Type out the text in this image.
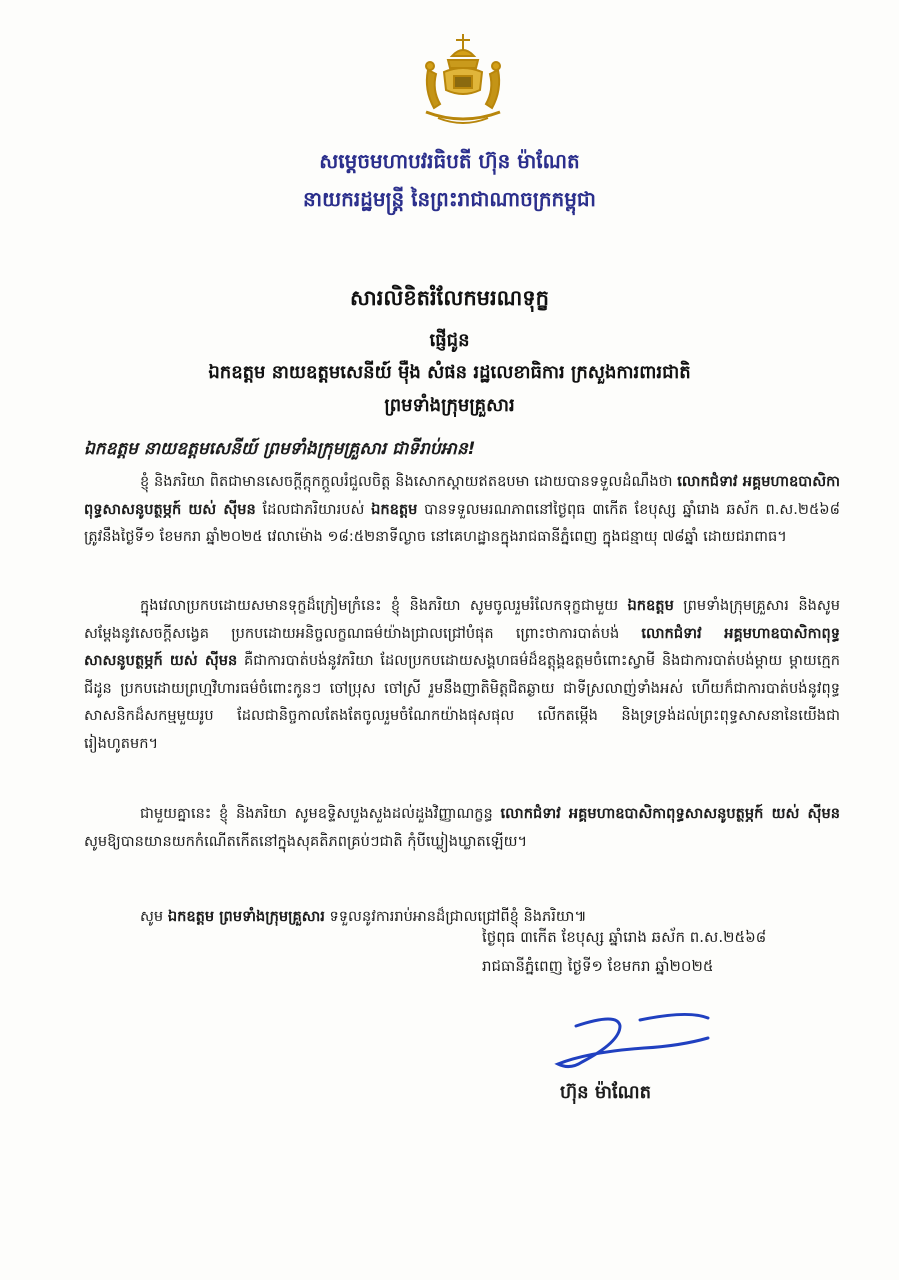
សម្តេចមហាបវរធិបតី ហ៊ុន ម៉ាណែត
នាយករដ្ឋមន្ត្រី នៃព្រះរាជាណាចក្រកម្ពុជា
សារលិខិតរំលែកមរណទុក្ខ
ផ្ញើជូន
ឯកឧត្តម នាយឧត្តមសេនីយ៍ ម៉ឺង សំផន រដ្ឋលេខាធិការ ក្រសួងការពារជាតិ
ព្រមទាំងក្រុមគ្រួសារ
ឯកឧត្តម នាយឧត្តមសេនីយ៍ ព្រមទាំងក្រុមគ្រួសារ ជាទីរាប់អាន!

ខ្ញុំ និងភរិយា ពិតជាមានសេចក្តីក្តុកក្តួលរំជួលចិត្ត និងសោកស្តាយឥតឧបមា ដោយបានទទួលដំណឹងថា លោកជំទាវ អគ្គមហាឧបាសិកាពុទ្ធសាសនូបត្ថម្ភក៍ យស់ ស៊ីមន ដែលជាភរិយារបស់ ឯកឧត្តម បានទទួលមរណភាពនៅថ្ងៃពុធ ៣កើត ខែបុស្ស ឆ្នាំរោង ឆស័ក ព.ស.២៥៦៨ ត្រូវនឹងថ្ងៃទី១ ខែមករា ឆ្នាំ២០២៥ វេលាម៉ោង ១៨:៥២នាទីល្ងាច នៅគេហដ្ឋានក្នុងរាជធានីភ្នំពេញ ក្នុងជន្មាយុ ៧៨ឆ្នាំ ដោយជរាពាធ។

ក្នុងវេលាប្រកបដោយសមានទុក្ខដ៏ក្រៀមក្រំនេះ ខ្ញុំ និងភរិយា សូមចូលរួមរំលែកទុក្ខជាមួយ ឯកឧត្តម ព្រមទាំងក្រុមគ្រួសារ និងសូមសម្តែងនូវសេចក្តីសង្វេគ ប្រកបដោយអនិច្ចលក្ខណធម៌យ៉ាងជ្រាលជ្រៅបំផុត ព្រោះថាការបាត់បង់ លោកជំទាវ អគ្គមហាឧបាសិកាពុទ្ធសាសនូបត្ថម្ភក៍ យស់ ស៊ីមន គឺជាការបាត់បង់នូវភរិយា ដែលប្រកបដោយសង្គហធម៌ដ៏ឧត្តុង្គឧត្តមចំពោះស្វាមី និងជាការបាត់បង់ម្តាយ ម្តាយក្មេក ជីដូន ប្រកបដោយព្រហ្មវិហារធម៌ចំពោះកូនៗ ចៅប្រុស ចៅស្រី រួមនឹងញាតិមិត្តជិតឆ្ងាយ ជាទីស្រលាញ់ទាំងអស់ ហើយក៏ជាការបាត់បង់នូវពុទ្ធសាសនិកដ៏សកម្មមួយរូប ដែលជានិច្ចកាលតែងតែចូលរួមចំណែកយ៉ាងផុសផុល លើកតម្កើង និងទ្រទ្រង់ដល់ព្រះពុទ្ធសាសនានៃយើងជារៀងហូតមក។

ជាមួយគ្នានេះ ខ្ញុំ និងភរិយា សូមឧទ្ទិសបួងសួងដល់ដួងវិញ្ញាណក្ខន្ធ លោកជំទាវ អគ្គមហាឧបាសិកាពុទ្ធសាសនូបត្ថម្ភក៍ យស់ ស៊ីមន សូមឱ្យបានយានយកកំណើតកើតនៅក្នុងសុគតិភពគ្រប់ៗជាតិ កុំបីឃ្លៀងឃ្លាតឡើយ។

សូម ឯកឧត្តម ព្រមទាំងក្រុមគ្រួសារ ទទួលនូវការរាប់អានដ៏ជ្រាលជ្រៅពីខ្ញុំ និងភរិយា៕

ថ្ងៃពុធ ៣កើត ខែបុស្ស ឆ្នាំរោង ឆស័ក ព.ស.២៥៦៨
រាជធានីភ្នំពេញ ថ្ងៃទី១ ខែមករា ឆ្នាំ២០២៥
ហ៊ុន ម៉ាណែត
